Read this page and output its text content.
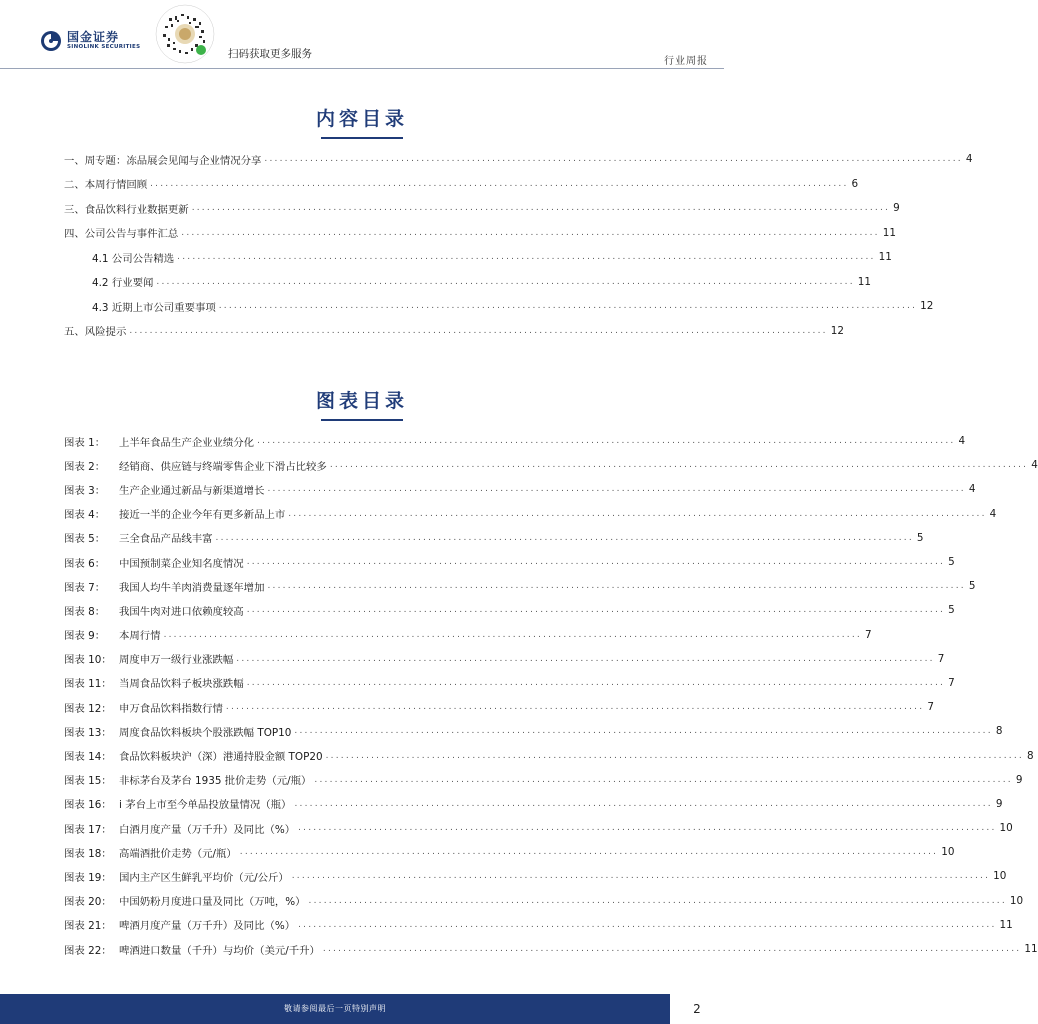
国金证券
SINOLINK SECURITIES
扫码获取更多服务
行业周报
内容目录
一、周专题：冻品展会见闻与企业情况分享 .......................................................................................................................................... 4
二、本周行情回顾 .......................................................................................................................................... 6
三、食品饮料行业数据更新 .......................................................................................................................................... 9
四、公司公告与事件汇总 .......................................................................................................................................... 11
4.1 公司公告精选 .......................................................................................................................................... 11
4.2 行业要闻 .......................................................................................................................................... 11
4.3 近期上市公司重要事项 .......................................................................................................................................... 12
五、风险提示 .......................................................................................................................................... 12
图表目录
图表 1： 上半年食品生产企业业绩分化 .......................................................................................................................................... 4
图表 2： 经销商、供应链与终端零售企业下滑占比较多 .......................................................................................................................................... 4
图表 3： 生产企业通过新品与新渠道增长 .......................................................................................................................................... 4
图表 4： 接近一半的企业今年有更多新品上市 .......................................................................................................................................... 4
图表 5： 三全食品产品线丰富 .......................................................................................................................................... 5
图表 6： 中国预制菜企业知名度情况 .......................................................................................................................................... 5
图表 7： 我国人均牛羊肉消费量逐年增加 .......................................................................................................................................... 5
图表 8： 我国牛肉对进口依赖度较高 .......................................................................................................................................... 5
图表 9： 本周行情 .......................................................................................................................................... 7
图表 10： 周度申万一级行业涨跌幅 .......................................................................................................................................... 7
图表 11： 当周食品饮料子板块涨跌幅 .......................................................................................................................................... 7
图表 12： 申万食品饮料指数行情 .......................................................................................................................................... 7
图表 13： 周度食品饮料板块个股涨跌幅 TOP10 .......................................................................................................................................... 8
图表 14： 食品饮料板块沪（深）港通持股金额 TOP20 .......................................................................................................................................... 8
图表 15： 非标茅台及茅台 1935 批价走势（元/瓶） .......................................................................................................................................... 9
图表 16： i 茅台上市至今单品投放量情况（瓶） .......................................................................................................................................... 9
图表 17： 白酒月度产量（万千升）及同比（%） .......................................................................................................................................... 10
图表 18： 高端酒批价走势（元/瓶） .......................................................................................................................................... 10
图表 19： 国内主产区生鲜乳平均价（元/公斤） .......................................................................................................................................... 10
图表 20： 中国奶粉月度进口量及同比（万吨，%） .......................................................................................................................................... 10
图表 21： 啤酒月度产量（万千升）及同比（%） .......................................................................................................................................... 11
图表 22： 啤酒进口数量（千升）与均价（美元/千升） .......................................................................................................................................... 11
敬请参阅最后一页特别声明	2
